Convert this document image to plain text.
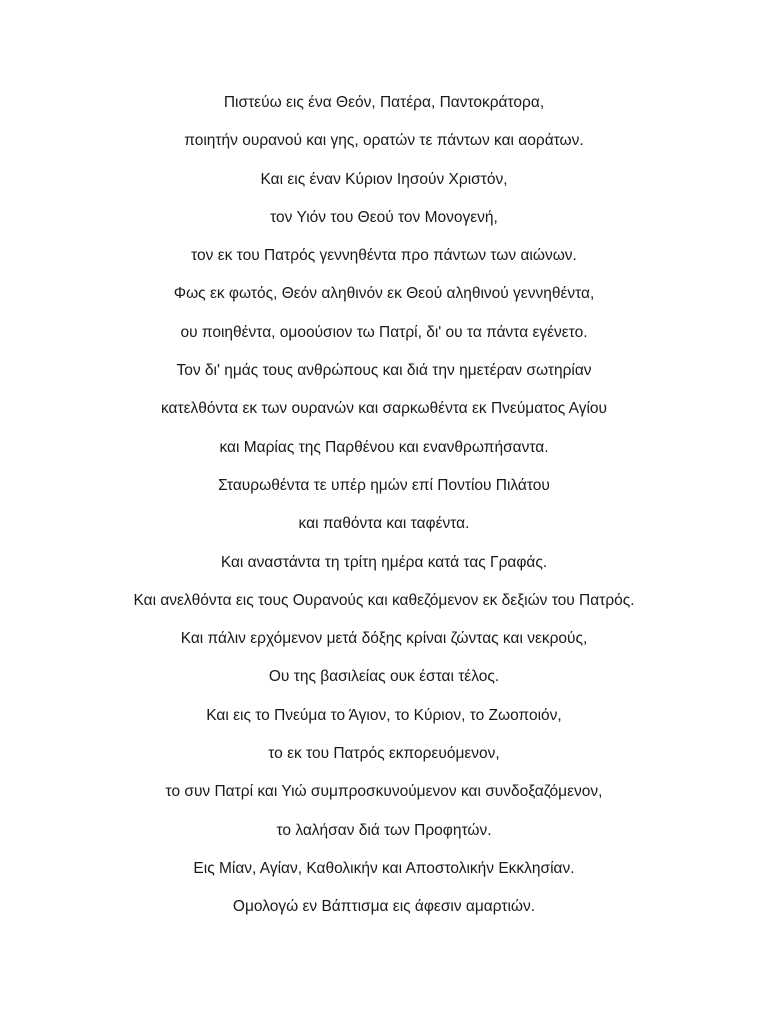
Πιστεύω εις ένα Θεόν, Πατέρα, Παντοκράτορα,
ποιητήν ουρανού και γης, ορατών τε πάντων και αοράτων.
Και εις έναν Κύριον Ιησούν Χριστόν,
τον Υιόν του Θεού τον Μονογενή,
τον εκ του Πατρός γεννηθέντα προ πάντων των αιώνων.
Φως εκ φωτός, Θεόν αληθινόν εκ Θεού αληθινού γεννηθέντα,
ου ποιηθέντα, ομοούσιον τω Πατρί, δι' ου τα πάντα εγένετο.
Τον δι' ημάς τους ανθρώπους και διά την ημετέραν σωτηρίαν
κατελθόντα εκ των ουρανών και σαρκωθέντα εκ Πνεύματος Αγίου
και Μαρίας της Παρθένου και ενανθρωπήσαντα.
Σταυρωθέντα τε υπέρ ημών επί Ποντίου Πιλάτου
και παθόντα και ταφέντα.
Και αναστάντα τη τρίτη ημέρα κατά τας Γραφάς.
Και ανελθόντα εις τους Ουρανούς και καθεζόμενον εκ δεξιών του Πατρός.
Και πάλιν ερχόμενον μετά δόξης κρίναι ζώντας και νεκρούς,
Ου της βασιλείας ουκ έσται τέλος.
Και εις το Πνεύμα το Άγιον, το Κύριον, το Ζωοποιόν,
το εκ του Πατρός εκπορευόμενον,
το συν Πατρί και Υιώ συμπροσκυνούμενον και συνδοξαζόμενον,
το λαλήσαν διά των Προφητών.
Εις Μίαν, Αγίαν, Καθολικήν και Αποστολικήν Εκκλησίαν.
Ομολογώ εν Βάπτισμα εις άφεσιν αμαρτιών.
